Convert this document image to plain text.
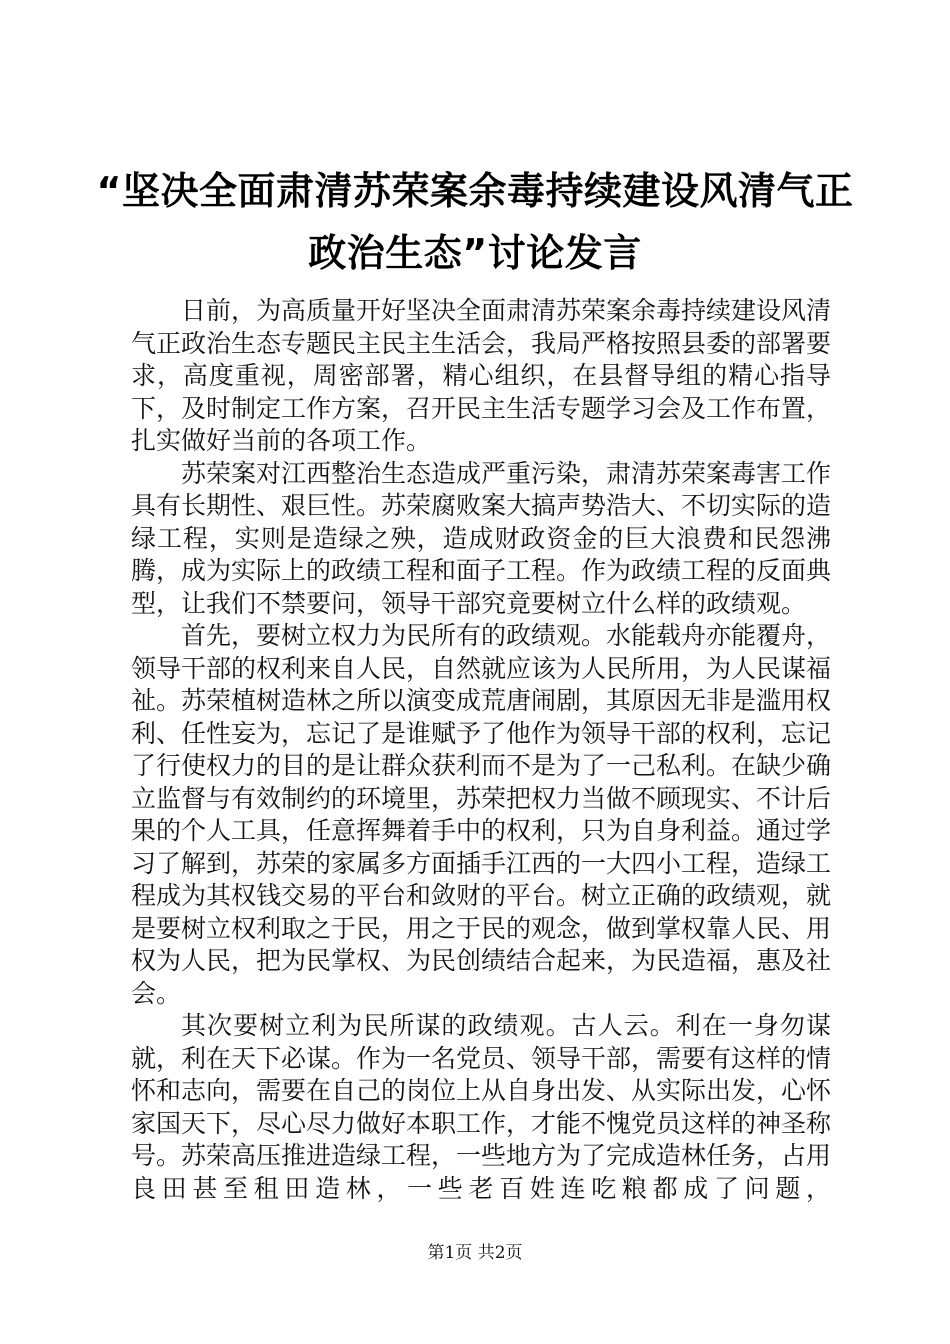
“坚决全面肃清苏荣案余毒持续建设风清气正
政治生态”讨论发言

日前，为高质量开好坚决全面肃清苏荣案余毒持续建设风清气正政治生态专题民主民主生活会，我局严格按照县委的部署要求，高度重视，周密部署，精心组织，在县督导组的精心指导下，及时制定工作方案，召开民主生活专题学习会及工作布置，扎实做好当前的各项工作。

苏荣案对江西整治生态造成严重污染，肃清苏荣案毒害工作具有长期性、艰巨性。苏荣腐败案大搞声势浩大、不切实际的造绿工程，实则是造绿之殃，造成财政资金的巨大浪费和民怨沸腾，成为实际上的政绩工程和面子工程。作为政绩工程的反面典型，让我们不禁要问，领导干部究竟要树立什么样的政绩观。

首先，要树立权力为民所有的政绩观。水能载舟亦能覆舟，领导干部的权利来自人民，自然就应该为人民所用，为人民谋福祉。苏荣植树造林之所以演变成荒唐闹剧，其原因无非是滥用权利、任性妄为，忘记了是谁赋予了他作为领导干部的权利，忘记了行使权力的目的是让群众获利而不是为了一己私利。在缺少确立监督与有效制约的环境里，苏荣把权力当做不顾现实、不计后果的个人工具，任意挥舞着手中的权利，只为自身利益。通过学习了解到，苏荣的家属多方面插手江西的一大四小工程，造绿工程成为其权钱交易的平台和敛财的平台。树立正确的政绩观，就是要树立权利取之于民，用之于民的观念，做到掌权靠人民、用权为人民，把为民掌权、为民创绩结合起来，为民造福，惠及社会。

其次要树立利为民所谋的政绩观。古人云。利在一身勿谋就，利在天下必谋。作为一名党员、领导干部，需要有这样的情怀和志向，需要在自己的岗位上从自身出发、从实际出发，心怀家国天下，尽心尽力做好本职工作，才能不愧党员这样的神圣称号。苏荣高压推进造绿工程，一些地方为了完成造林任务，占用良田甚至租田造林，一些老百姓连吃粮都成了问题，

第1页 共2页
